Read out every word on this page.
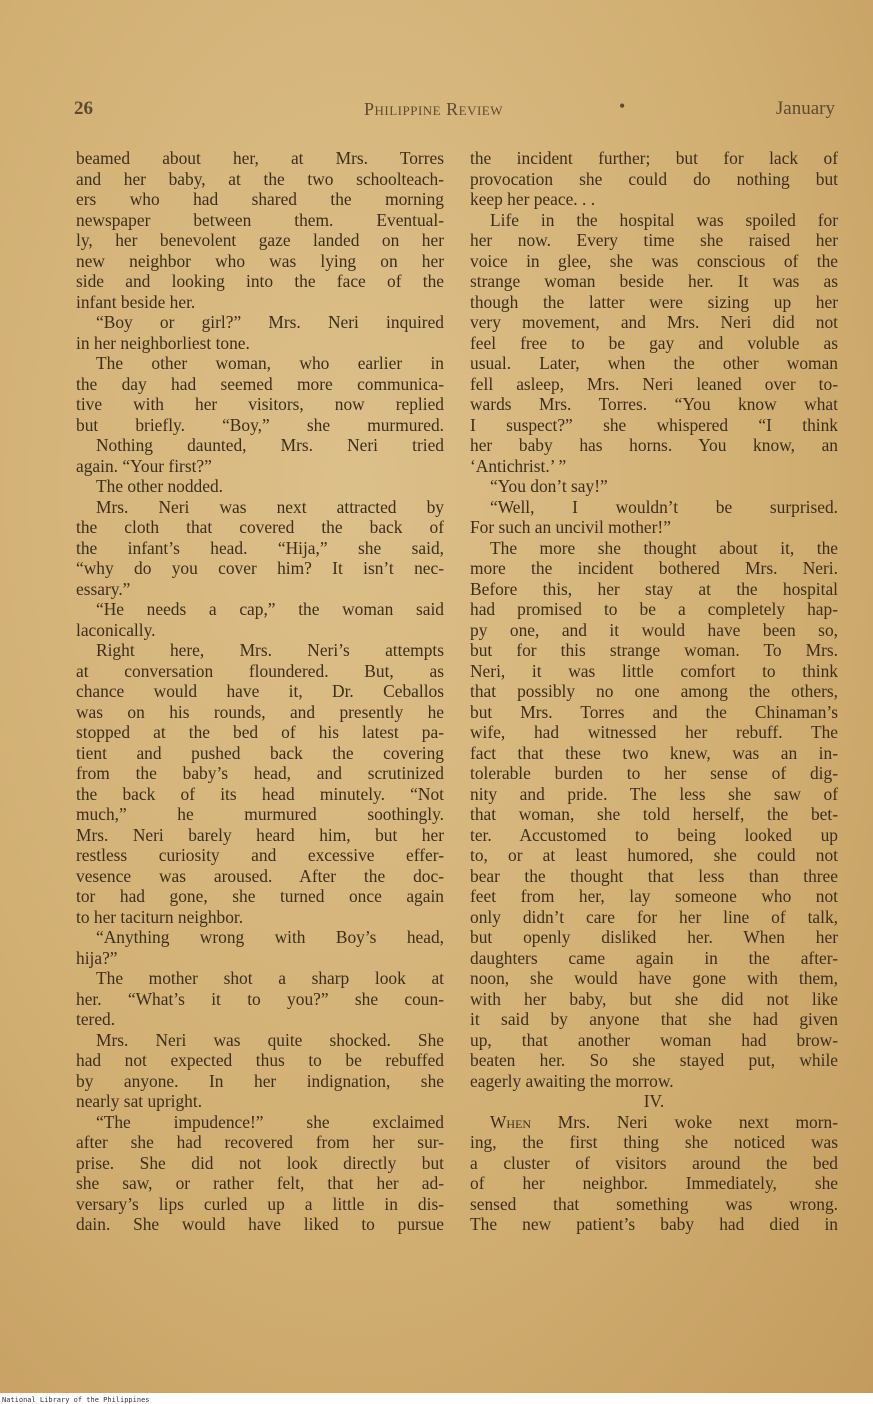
26	Philippine Review	•	January
beamed about her, at Mrs. Torres
and her baby, at the two schoolteach-
ers who had shared the morning
newspaper between them. Eventual-
ly, her benevolent gaze landed on her
new neighbor who was lying on her
side and looking into the face of the
infant beside her.
“Boy or girl?” Mrs. Neri inquired
in her neighborliest tone.
The other woman, who earlier in
the day had seemed more communica-
tive with her visitors, now replied
but briefly. “Boy,” she murmured.
Nothing daunted, Mrs. Neri tried
again. “Your first?”
The other nodded.
Mrs. Neri was next attracted by
the cloth that covered the back of
the infant’s head. “Hija,” she said,
“why do you cover him? It isn’t nec-
essary.”
“He needs a cap,” the woman said
laconically.
Right here, Mrs. Neri’s attempts
at conversation floundered. But, as
chance would have it, Dr. Ceballos
was on his rounds, and presently he
stopped at the bed of his latest pa-
tient and pushed back the covering
from the baby’s head, and scrutinized
the back of its head minutely. “Not
much,” he murmured soothingly.
Mrs. Neri barely heard him, but her
restless curiosity and excessive effer-
vesence was aroused. After the doc-
tor had gone, she turned once again
to her taciturn neighbor.
“Anything wrong with Boy’s head,
hija?”
The mother shot a sharp look at
her. “What’s it to you?” she coun-
tered.
Mrs. Neri was quite shocked. She
had not expected thus to be rebuffed
by anyone. In her indignation, she
nearly sat upright.
“The impudence!” she exclaimed
after she had recovered from her sur-
prise. She did not look directly but
she saw, or rather felt, that her ad-
versary’s lips curled up a little in dis-
dain. She would have liked to pursue
the incident further; but for lack of
provocation she could do nothing but
keep her peace. . .
Life in the hospital was spoiled for
her now. Every time she raised her
voice in glee, she was conscious of the
strange woman beside her. It was as
though the latter were sizing up her
very movement, and Mrs. Neri did not
feel free to be gay and voluble as
usual. Later, when the other woman
fell asleep, Mrs. Neri leaned over to-
wards Mrs. Torres. “You know what
I suspect?” she whispered “I think
her baby has horns. You know, an
‘Antichrist.’ ”
“You don’t say!”
“Well, I wouldn’t be surprised.
For such an uncivil mother!”
The more she thought about it, the
more the incident bothered Mrs. Neri.
Before this, her stay at the hospital
had promised to be a completely hap-
py one, and it would have been so,
but for this strange woman. To Mrs.
Neri, it was little comfort to think
that possibly no one among the others,
but Mrs. Torres and the Chinaman’s
wife, had witnessed her rebuff. The
fact that these two knew, was an in-
tolerable burden to her sense of dig-
nity and pride. The less she saw of
that woman, she told herself, the bet-
ter. Accustomed to being looked up
to, or at least humored, she could not
bear the thought that less than three
feet from her, lay someone who not
only didn’t care for her line of talk,
but openly disliked her. When her
daughters came again in the after-
noon, she would have gone with them,
with her baby, but she did not like
it said by anyone that she had given
up, that another woman had brow-
beaten her. So she stayed put, while
eagerly awaiting the morrow.
IV.
When Mrs. Neri woke next morn-
ing, the first thing she noticed was
a cluster of visitors around the bed
of her neighbor. Immediately, she
sensed that something was wrong.
The new patient’s baby had died in
National Library of the Philippines
